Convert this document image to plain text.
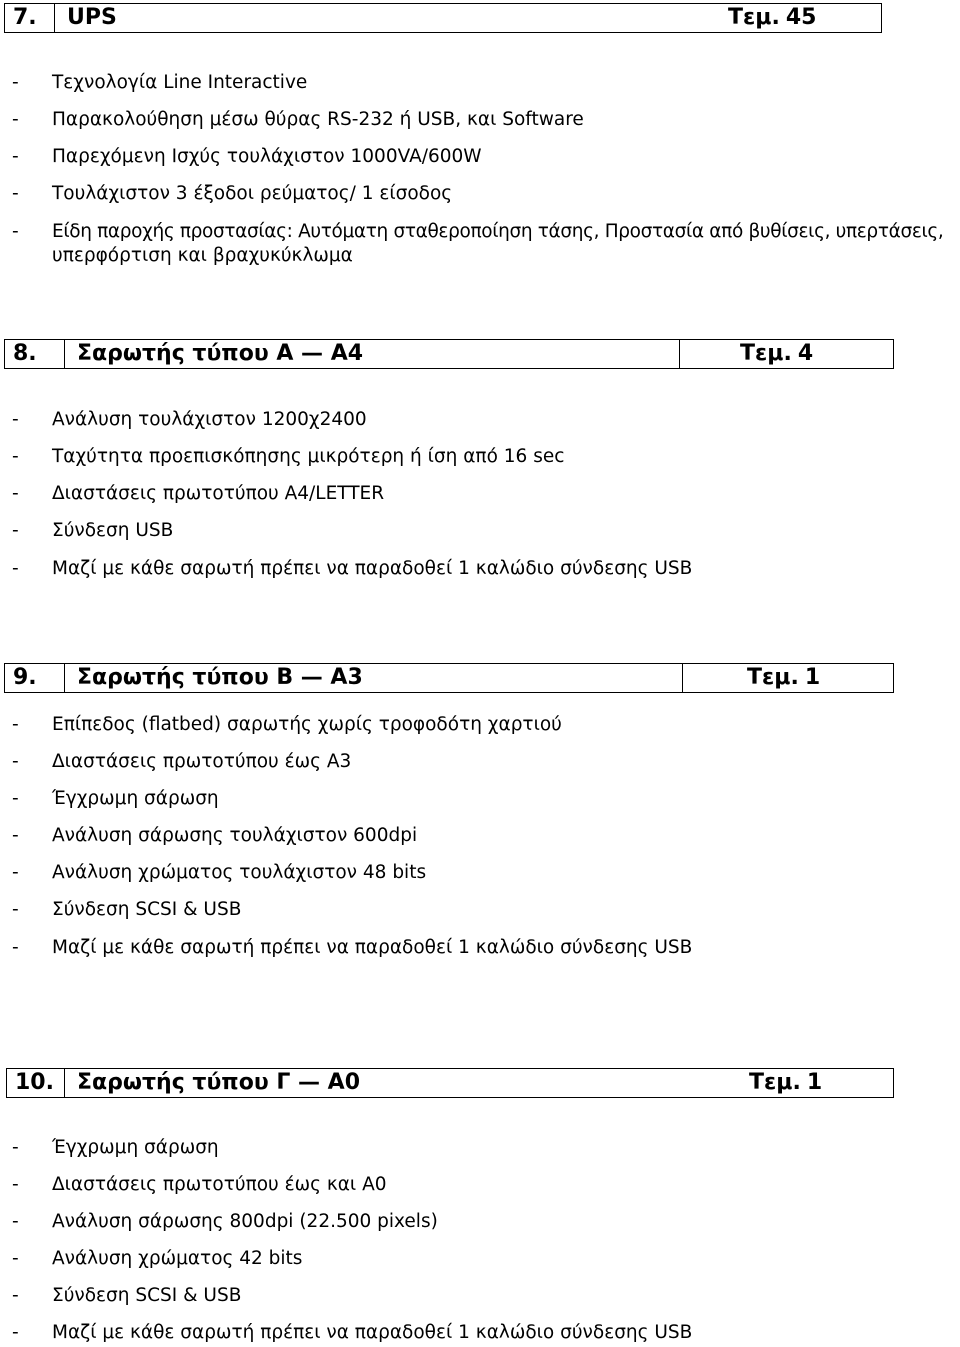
7.	UPS	Τεμ. 45
- Τεχνολογία Line Interactive
- Παρακολούθηση μέσω θύρας RS-232 ή USB, και Software
- Παρεχόμενη Ισχύς τουλάχιστον 1000VA/600W
- Τουλάχιστον 3 έξοδοι ρεύματος/ 1 είσοδος
- Είδη παροχής προστασίας: Αυτόματη σταθεροποίηση τάσης, Προστασία από βυθίσεις, υπερτάσεις,
υπερφόρτιση και βραχυκύκλωμα
8.	Σαρωτής τύπου Α — Α4	Τεμ. 4
- Ανάλυση τουλάχιστον 1200χ2400
- Ταχύτητα προεπισκόπησης μικρότερη ή ίση από 16 sec
- Διαστάσεις πρωτοτύπου Α4/LETTER
- Σύνδεση USB
- Μαζί με κάθε σαρωτή πρέπει να παραδοθεί 1 καλώδιο σύνδεσης USB
9.	Σαρωτής τύπου Β — Α3	Τεμ. 1
- Επίπεδος (flatbed) σαρωτής χωρίς τροφοδότη χαρτιού
- Διαστάσεις πρωτοτύπου έως Α3
- Έγχρωμη σάρωση
- Ανάλυση σάρωσης τουλάχιστον 600dpi
- Ανάλυση χρώματος τουλάχιστον 48 bits
- Σύνδεση SCSI & USB
- Μαζί με κάθε σαρωτή πρέπει να παραδοθεί 1 καλώδιο σύνδεσης USB
10.	Σαρωτής τύπου Γ — Α0	Τεμ. 1
- Έγχρωμη σάρωση
- Διαστάσεις πρωτοτύπου έως και Α0
- Ανάλυση σάρωσης 800dpi (22.500 pixels)
- Ανάλυση χρώματος 42 bits
- Σύνδεση SCSI & USB
- Μαζί με κάθε σαρωτή πρέπει να παραδοθεί 1 καλώδιο σύνδεσης USB
